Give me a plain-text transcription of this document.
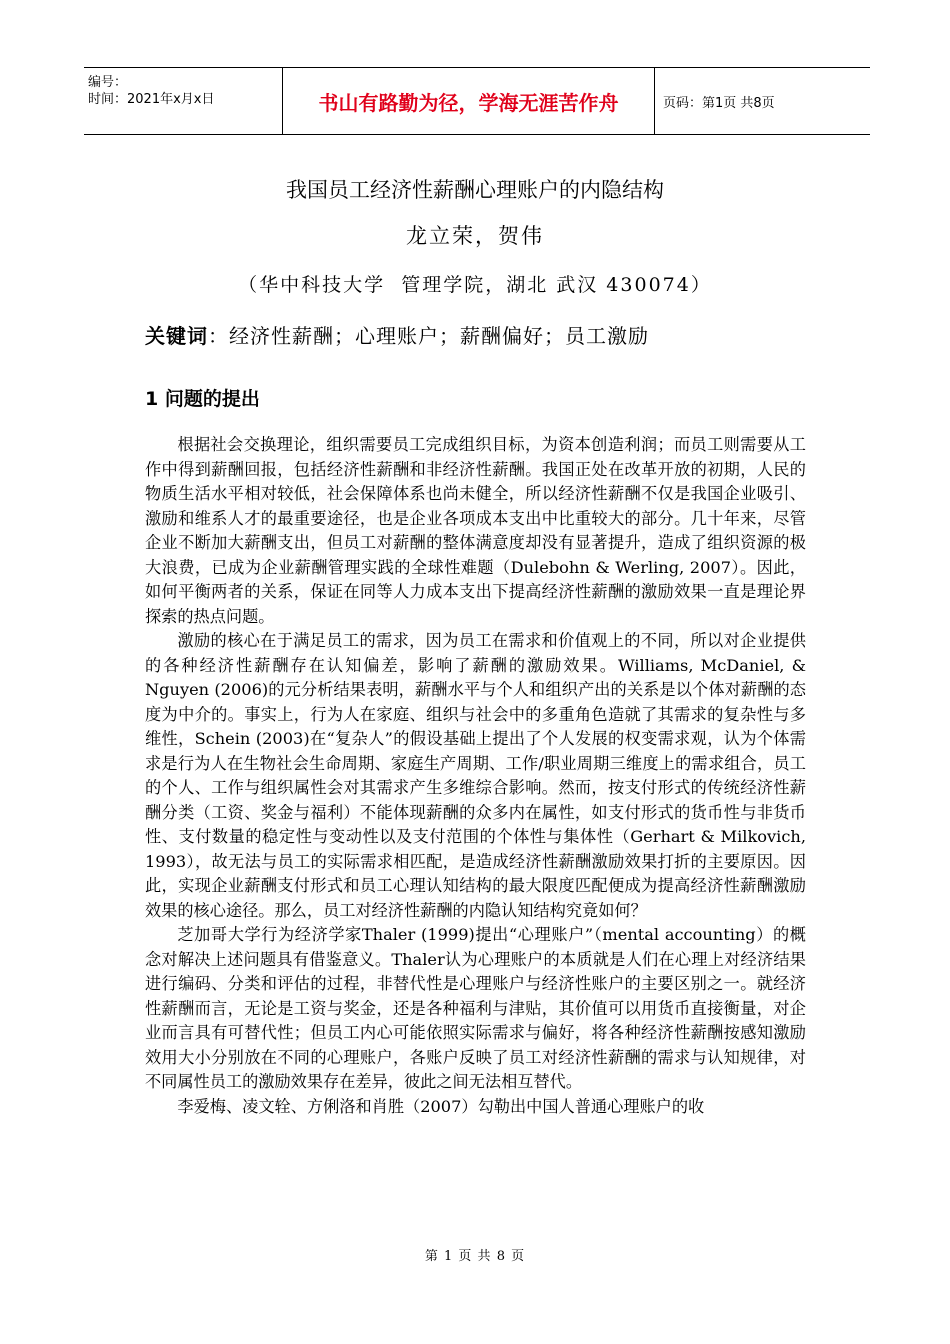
编号：
时间：2021年x月x日	书山有路勤为径，学海无涯苦作舟	页码：第1页 共8页
我国员工经济性薪酬心理账户的内隐结构
龙立荣，贺伟
（华中科技大学  管理学院，湖北 武汉 430074）
关键词：经济性薪酬；心理账户；薪酬偏好；员工激励
1 问题的提出

根据社会交换理论，组织需要员工完成组织目标，为资本创造利润；而员工则需要从工作中得到薪酬回报，包括经济性薪酬和非经济性薪酬。我国正处在改革开放的初期，人民的物质生活水平相对较低，社会保障体系也尚未健全，所以经济性薪酬不仅是我国企业吸引、激励和维系人才的最重要途径，也是企业各项成本支出中比重较大的部分。几十年来，尽管企业不断加大薪酬支出，但员工对薪酬的整体满意度却没有显著提升，造成了组织资源的极大浪费，已成为企业薪酬管理实践的全球性难题（Dulebohn & Werling, 2007）。因此，如何平衡两者的关系，保证在同等人力成本支出下提高经济性薪酬的激励效果一直是理论界探索的热点问题。

激励的核心在于满足员工的需求，因为员工在需求和价值观上的不同，所以对企业提供的各种经济性薪酬存在认知偏差，影响了薪酬的激励效果。Williams, McDaniel, & Nguyen (2006)的元分析结果表明，薪酬水平与个人和组织产出的关系是以个体对薪酬的态度为中介的。事实上，行为人在家庭、组织与社会中的多重角色造就了其需求的复杂性与多维性，Schein (2003)在“复杂人”的假设基础上提出了个人发展的权变需求观，认为个体需求是行为人在生物社会生命周期、家庭生产周期、工作/职业周期三维度上的需求组合，员工的个人、工作与组织属性会对其需求产生多维综合影响。然而，按支付形式的传统经济性薪酬分类（工资、奖金与福利）不能体现薪酬的众多内在属性，如支付形式的货币性与非货币性、支付数量的稳定性与变动性以及支付范围的个体性与集体性（Gerhart & Milkovich, 1993），故无法与员工的实际需求相匹配，是造成经济性薪酬激励效果打折的主要原因。因此，实现企业薪酬支付形式和员工心理认知结构的最大限度匹配便成为提高经济性薪酬激励效果的核心途径。那么，员工对经济性薪酬的内隐认知结构究竟如何？

芝加哥大学行为经济学家Thaler (1999)提出“心理账户”（mental accounting）的概念对解决上述问题具有借鉴意义。Thaler认为心理账户的本质就是人们在心理上对经济结果进行编码、分类和评估的过程，非替代性是心理账户与经济性账户的主要区别之一。就经济性薪酬而言，无论是工资与奖金，还是各种福利与津贴，其价值可以用货币直接衡量，对企业而言具有可替代性；但员工内心可能依照实际需求与偏好，将各种经济性薪酬按感知激励效用大小分别放在不同的心理账户，各账户反映了员工对经济性薪酬的需求与认知规律，对不同属性员工的激励效果存在差异，彼此之间无法相互替代。

李爱梅、凌文辁、方俐洛和肖胜（2007）勾勒出中国人普通心理账户的收

第 1 页 共 8 页
